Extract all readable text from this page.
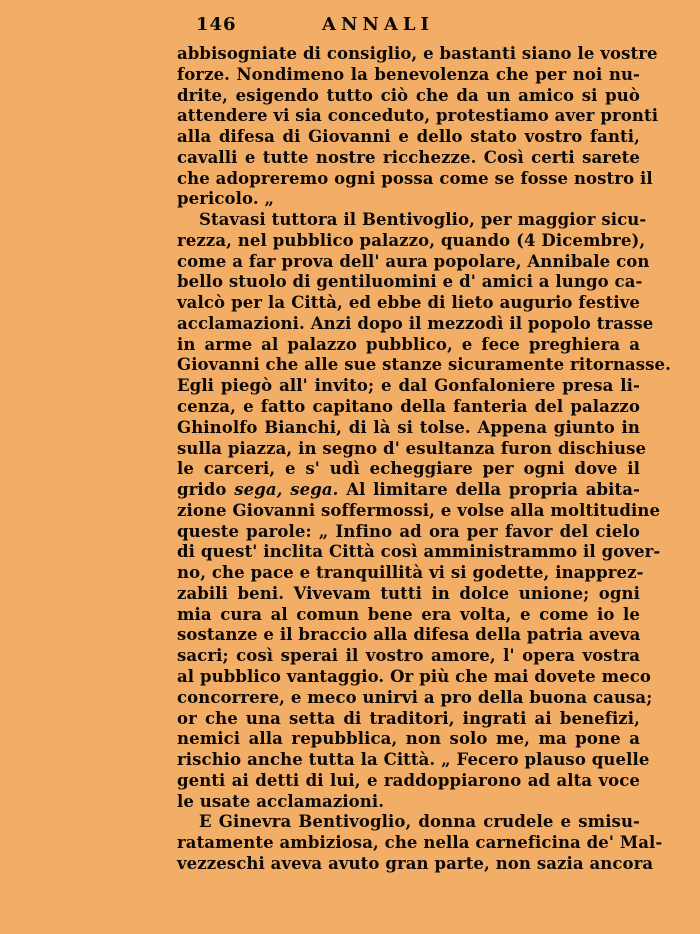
146	ANNALI
abbisogniate di consiglio, e bastanti siano le vostre
forze. Nondimeno la benevolenza che per noi nu-
drite, esigendo tutto ciò che da un amico si può
attendere vi sia conceduto, protestiamo aver pronti
alla difesa di Giovanni e dello stato vostro fanti,
cavalli e tutte nostre ricchezze. Così certi sarete
che adopreremo ogni possa come se fosse nostro il
pericolo. „
Stavasi tuttora il Bentivoglio, per maggior sicu-
rezza, nel pubblico palazzo, quando (4 Dicembre),
come a far prova dell' aura popolare, Annibale con
bello stuolo di gentiluomini e d' amici a lungo ca-
valcò per la Città, ed ebbe di lieto augurio festive
acclamazioni. Anzi dopo il mezzodì il popolo trasse
in arme al palazzo pubblico, e fece preghiera a
Giovanni che alle sue stanze sicuramente ritornasse.
Egli piegò all' invito; e dal Gonfaloniere presa li-
cenza, e fatto capitano della fanteria del palazzo
Ghinolfo Bianchi, di là si tolse. Appena giunto in
sulla piazza, in segno d' esultanza furon dischiuse
le carceri, e s' udì echeggiare per ogni dove il
grido sega, sega. Al limitare della propria abita-
zione Giovanni soffermossi, e volse alla moltitudine
queste parole: „ Infino ad ora per favor del cielo
di quest' inclita Città così amministrammo il gover-
no, che pace e tranquillità vi si godette, inapprez-
zabili beni. Vivevam tutti in dolce unione; ogni
mia cura al comun bene era volta, e come io le
sostanze e il braccio alla difesa della patria aveva
sacri; così sperai il vostro amore, l' opera vostra
al pubblico vantaggio. Or più che mai dovete meco
concorrere, e meco unirvi a pro della buona causa;
or che una setta di traditori, ingrati ai benefizi,
nemici alla repubblica, non solo me, ma pone a
rischio anche tutta la Città. „ Fecero plauso quelle
genti ai detti di lui, e raddoppiarono ad alta voce
le usate acclamazioni.
E Ginevra Bentivoglio, donna crudele e smisu-
ratamente ambiziosa, che nella carneficina de' Mal-
vezzeschi aveva avuto gran parte, non sazia ancora
